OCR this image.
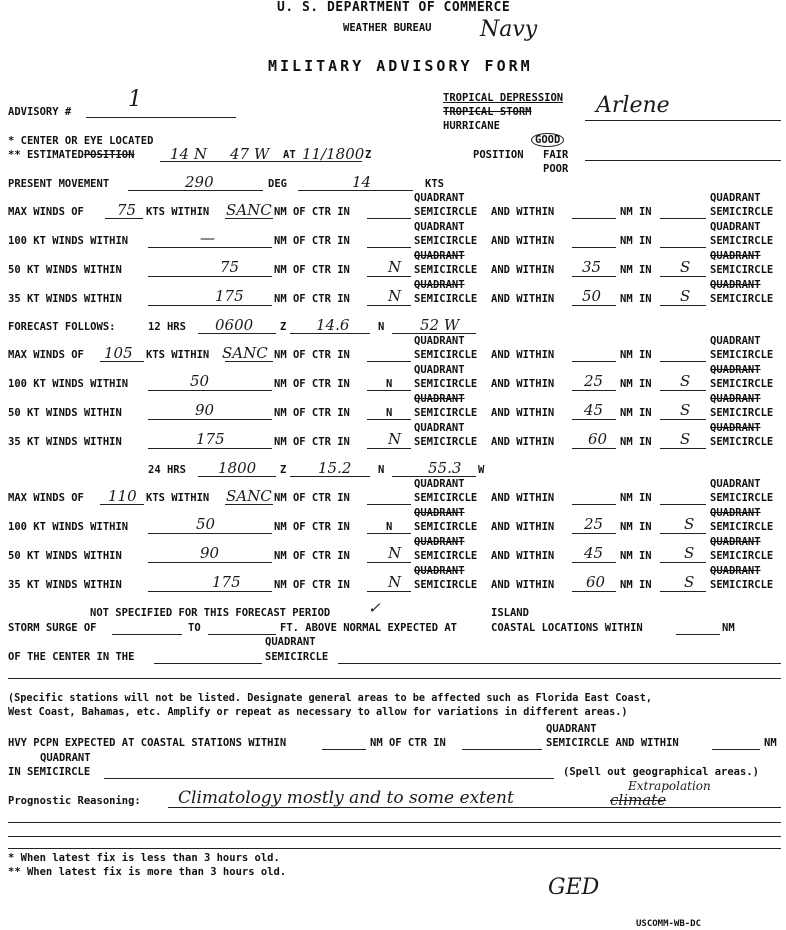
U. S. DEPARTMENT OF COMMERCE
WEATHER BUREAU Navy
MILITARY ADVISORY FORM
ADVISORY #	1	TROPICAL DEPRESSION
TROPICAL STORM
HURRICANE
Arlene
* CENTER OR EYE LOCATED
** ESTIMATEDPOSITION 14 N 47 W AT 11/1800 Z	POSITION
GOOD
FAIR
POOR
PRESENT MOVEMENT	290	DEG	14	KTS
QUADRANT	QUADRANT
MAX WINDS OF 75 KTS WITHIN SANC NM OF CTR IN	SEMICIRCLE AND WITHIN	NM IN	SEMICIRCLE
QUADRANT	QUADRANT
100 KT WINDS WITHIN	—	NM OF CTR IN	SEMICIRCLE AND WITHIN	NM IN	SEMICIRCLE
QUADRANT	QUADRANT
50 KT WINDS WITHIN	75	NM OF CTR IN	N SEMICIRCLE AND WITHIN 35 NM IN S SEMICIRCLE
QUADRANT	QUADRANT
35 KT WINDS WITHIN	175	NM OF CTR IN	N SEMICIRCLE AND WITHIN 50 NM IN S SEMICIRCLE
FORECAST FOLLOWS:	12 HRS 0600	Z 14.6	N 52 W
QUADRANT	QUADRANT
MAX WINDS OF 105 KTS WITHIN SANC NM OF CTR IN	SEMICIRCLE AND WITHIN	NM IN	SEMICIRCLE
QUADRANT	QUADRANT
100 KT WINDS WITHIN	50	NM OF CTR IN	N SEMICIRCLE AND WITHIN 25 NM IN S SEMICIRCLE
QUADRANT	QUADRANT
50 KT WINDS WITHIN	90	NM OF CTR IN	N SEMICIRCLE AND WITHIN 45 NM IN S SEMICIRCLE
QUADRANT	QUADRANT
35 KT WINDS WITHIN	175	NM OF CTR IN	N SEMICIRCLE AND WITHIN 60 NM IN S SEMICIRCLE
24 HRS 1800 Z 15.2	N	55.3 W
QUADRANT	QUADRANT
MAX WINDS OF 110 KTS WITHIN SANC NM OF CTR IN	SEMICIRCLE AND WITHIN	NM IN	SEMICIRCLE
QUADRANT	QUADRANT
100 KT WINDS WITHIN	50	NM OF CTR IN	N SEMICIRCLE AND WITHIN 25 NM IN S SEMICIRCLE
QUADRANT	QUADRANT
50 KT WINDS WITHIN	90	NM OF CTR IN	N SEMICIRCLE AND WITHIN 45 NM IN S SEMICIRCLE
QUADRANT	QUADRANT
35 KT WINDS WITHIN	175	NM OF CTR IN	N SEMICIRCLE AND WITHIN 60 NM IN S SEMICIRCLE
NOT SPECIFIED FOR THIS FORECAST PERIOD	✓	ISLAND
STORM SURGE OF	TO	FT. ABOVE NORMAL EXPECTED AT	COASTAL LOCATIONS WITHIN	NM
QUADRANT
OF THE CENTER IN THE	SEMICIRCLE
(Specific stations will not be listed. Designate general areas to be affected such as Florida East Coast,
West Coast, Bahamas, etc. Amplify or repeat as necessary to allow for variations in different areas.)
QUADRANT
HVY PCPN EXPECTED AT COASTAL STATIONS WITHIN	NM OF CTR IN	SEMICIRCLE AND WITHIN	NM
QUADRANT
IN SEMICIRCLE	(Spell out geographical areas.)
Prognostic Reasoning: Climatology mostly and to some extent	climate
Extrapolation
* When latest fix is less than 3 hours old.
** When latest fix is more than 3 hours old.
GED
USCOMM-WB-DC
